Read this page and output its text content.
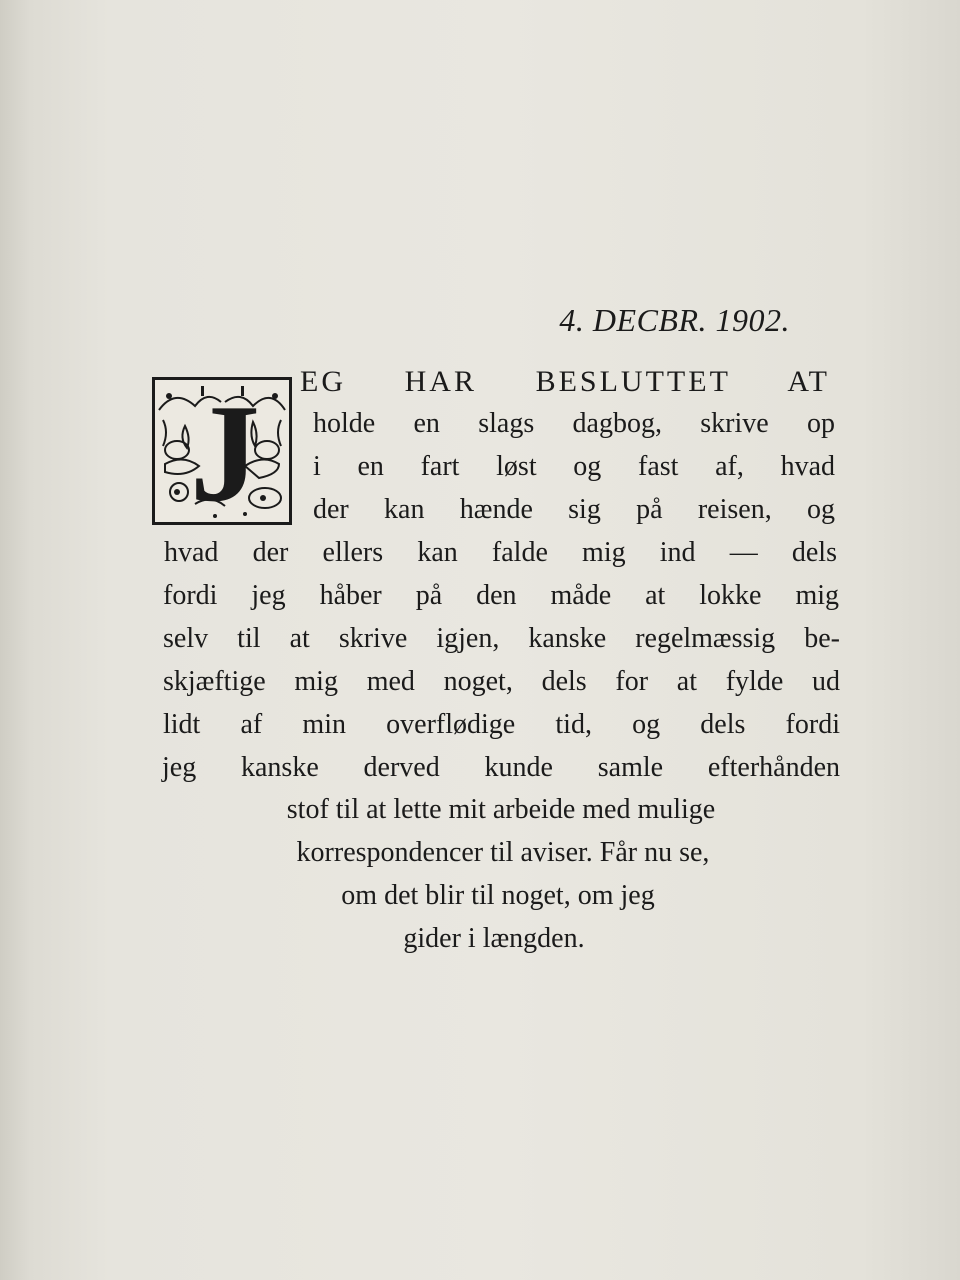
4. DECBR. 1902.
J EG HAR BESLUTTET AT
holde en slags dagbog, skrive op
i en fart løst og fast af, hvad
der kan hænde sig på reisen, og
hvad der ellers kan falde mig ind — dels
fordi jeg håber på den måde at lokke mig
selv til at skrive igjen, kanske regelmæssig be-
skjæftige mig med noget, dels for at fylde ud
lidt af min overflødige tid, og dels fordi
jeg kanske derved kunde samle efterhånden
stof til at lette mit arbeide med mulige
korrespondencer til aviser. Får nu se,
om det blir til noget, om jeg
gider i længden.
